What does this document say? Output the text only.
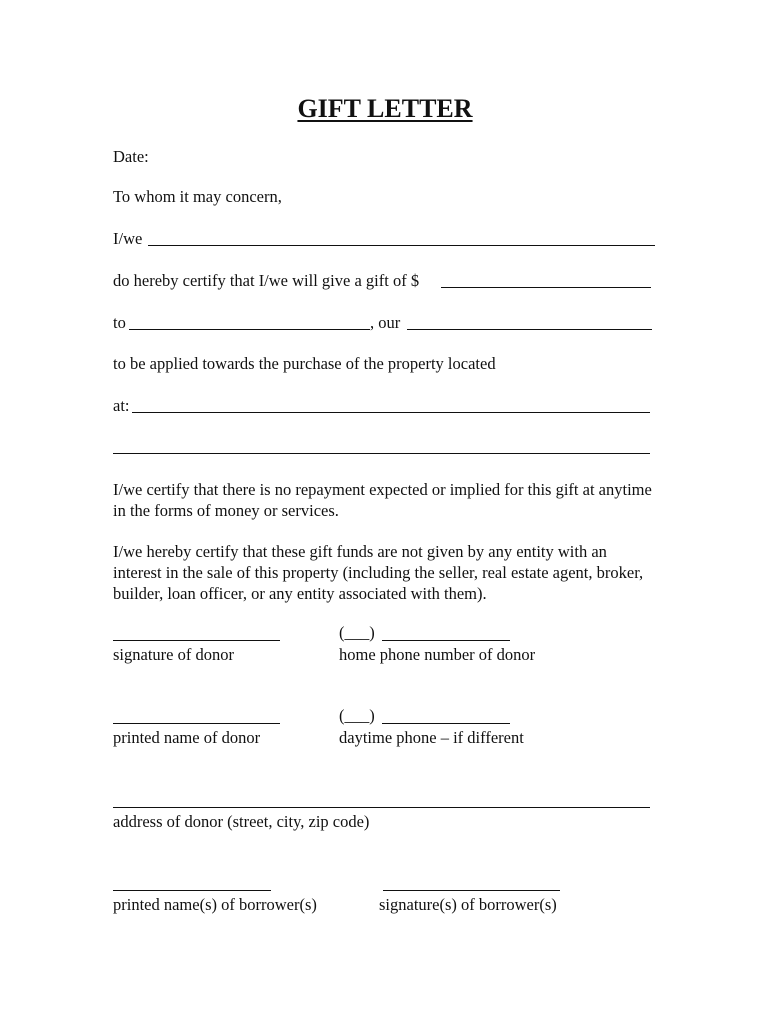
GIFT LETTER
Date:
To whom it may concern,
I/we
do hereby certify that I/we will give a gift of $
to	, our
to be applied towards the purchase of the property located
at:
I/we certify that there is no repayment expected or implied for this gift at anytime in the forms of money or services.
I/we hereby certify that these gift funds are not given by any entity with an interest in the sale of this property (including the seller, real estate agent, broker, builder, loan officer, or any entity associated with them).
(___)
signature of donor	home phone number of donor
(___)
printed name of donor	daytime phone – if different
address of donor (street, city, zip code)
printed name(s) of borrower(s)	signature(s) of borrower(s)
